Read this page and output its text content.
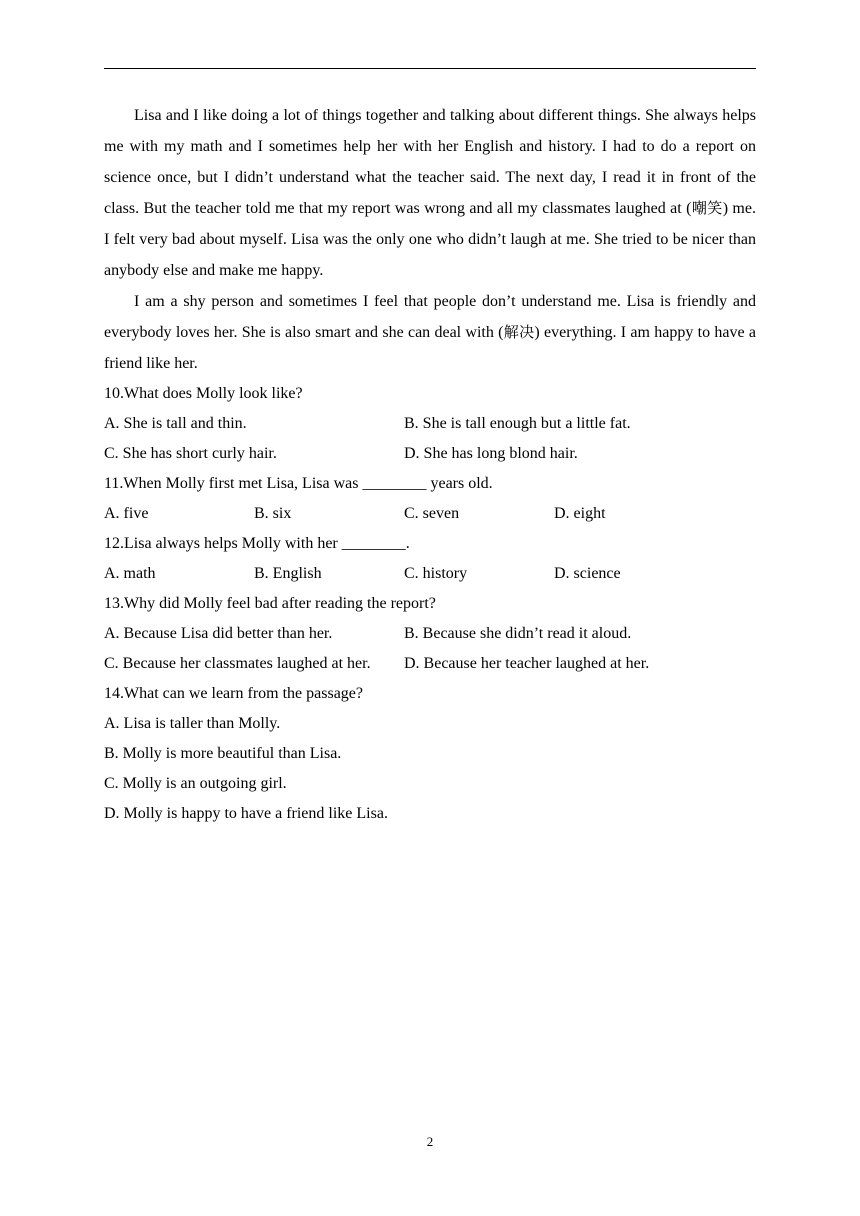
Lisa and I like doing a lot of things together and talking about different things. She always helps me with my math and I sometimes help her with her English and history. I had to do a report on science once, but I didn’t understand what the teacher said. The next day, I read it in front of the class. But the teacher told me that my report was wrong and all my classmates laughed at (嘲笑) me. I felt very bad about myself. Lisa was the only one who didn’t laugh at me. She tried to be nicer than anybody else and make me happy.

I am a shy person and sometimes I feel that people don’t understand me. Lisa is friendly and everybody loves her. She is also smart and she can deal with (解决) everything. I am happy to have a friend like her.

10.What does Molly look like?
A. She is tall and thin.	B. She is tall enough but a little fat.
C. She has short curly hair.	D. She has long blond hair.
11.When Molly first met Lisa, Lisa was ________ years old.
A. five	B. six	C. seven	D. eight
12.Lisa always helps Molly with her ________.
A. math	B. English	C. history	D. science
13.Why did Molly feel bad after reading the report?
A. Because Lisa did better than her.	B. Because she didn’t read it aloud.
C. Because her classmates laughed at her. D. Because her teacher laughed at her.
14.What can we learn from the passage?
A. Lisa is taller than Molly.
B. Molly is more beautiful than Lisa.
C. Molly is an outgoing girl.
D. Molly is happy to have a friend like Lisa.
2
